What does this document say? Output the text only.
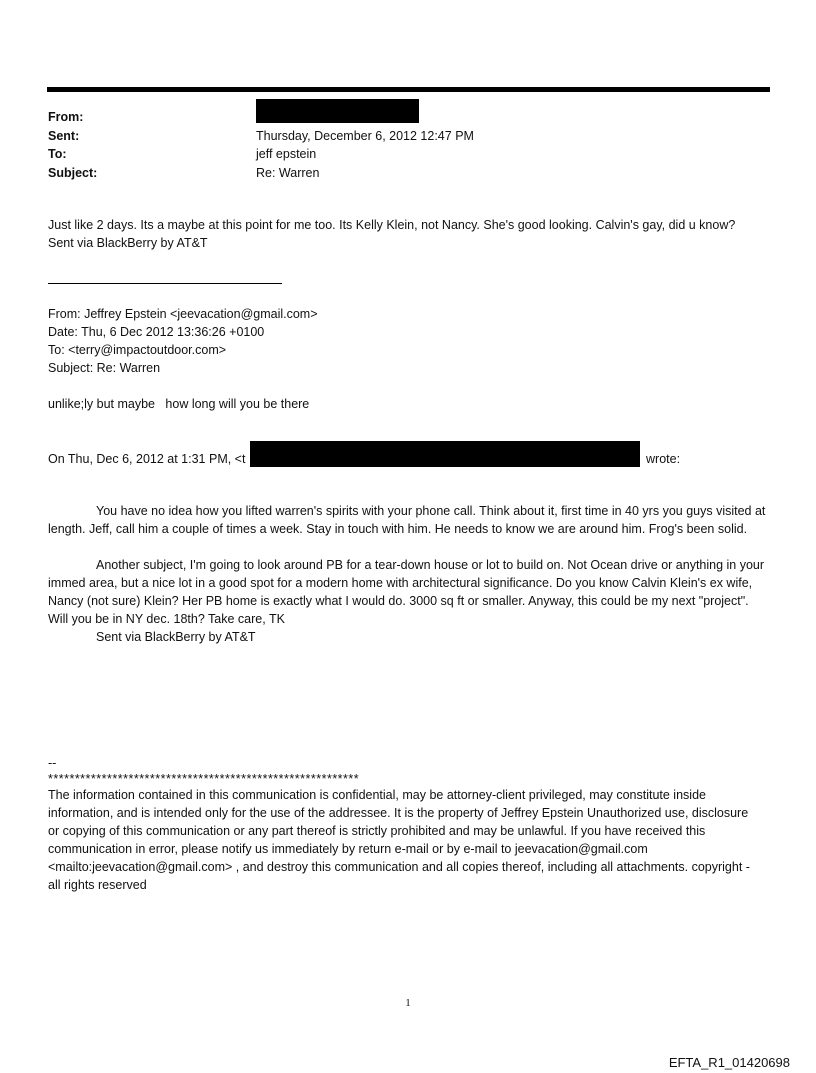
From:
Sent:
To:
Subject:
Thursday, December 6, 2012 12:47 PM
jeff epstein
Re: Warren
Just like 2 days. Its a maybe at this point for me too. Its Kelly Klein, not Nancy. She's good looking. Calvin's gay, did u know?
Sent via BlackBerry by AT&T
From: Jeffrey Epstein <jeevacation@gmail.com>
Date: Thu, 6 Dec 2012 13:36:26 +0100
To: <terry@impactoutdoor.com>
Subject: Re: Warren
unlike;ly but maybe   how long will you be there
On Thu, Dec 6, 2012 at 1:31 PM, <t	wrote:
You have no idea how you lifted warren's spirits with your phone call. Think about it, first time in 40 yrs you guys visited at length. Jeff, call him a couple of times a week. Stay in touch with him. He needs to know we are around him. Frog's been solid.
Another subject, I'm going to look around PB for a tear-down house or lot to build on. Not Ocean drive or anything in your immed area, but a nice lot in a good spot for a modern home with architectural significance. Do you know Calvin Klein's ex wife, Nancy (not sure) Klein? Her PB home is exactly what I would do. 3000 sq ft or smaller. Anyway, this could be my next "project". Will you be in NY dec. 18th? Take care, TK
Sent via BlackBerry by AT&T
--
**********************************************************
The information contained in this communication is confidential, may be attorney-client privileged, may constitute inside information, and is intended only for the use of the addressee. It is the property of Jeffrey Epstein Unauthorized use, disclosure or copying of this communication or any part thereof is strictly prohibited and may be unlawful. If you have received this communication in error, please notify us immediately by return e-mail or by e-mail to jeevacation@gmail.com <mailto:jeevacation@gmail.com> , and destroy this communication and all copies thereof, including all attachments. copyright -all rights reserved
1
EFTA_R1_01420698
